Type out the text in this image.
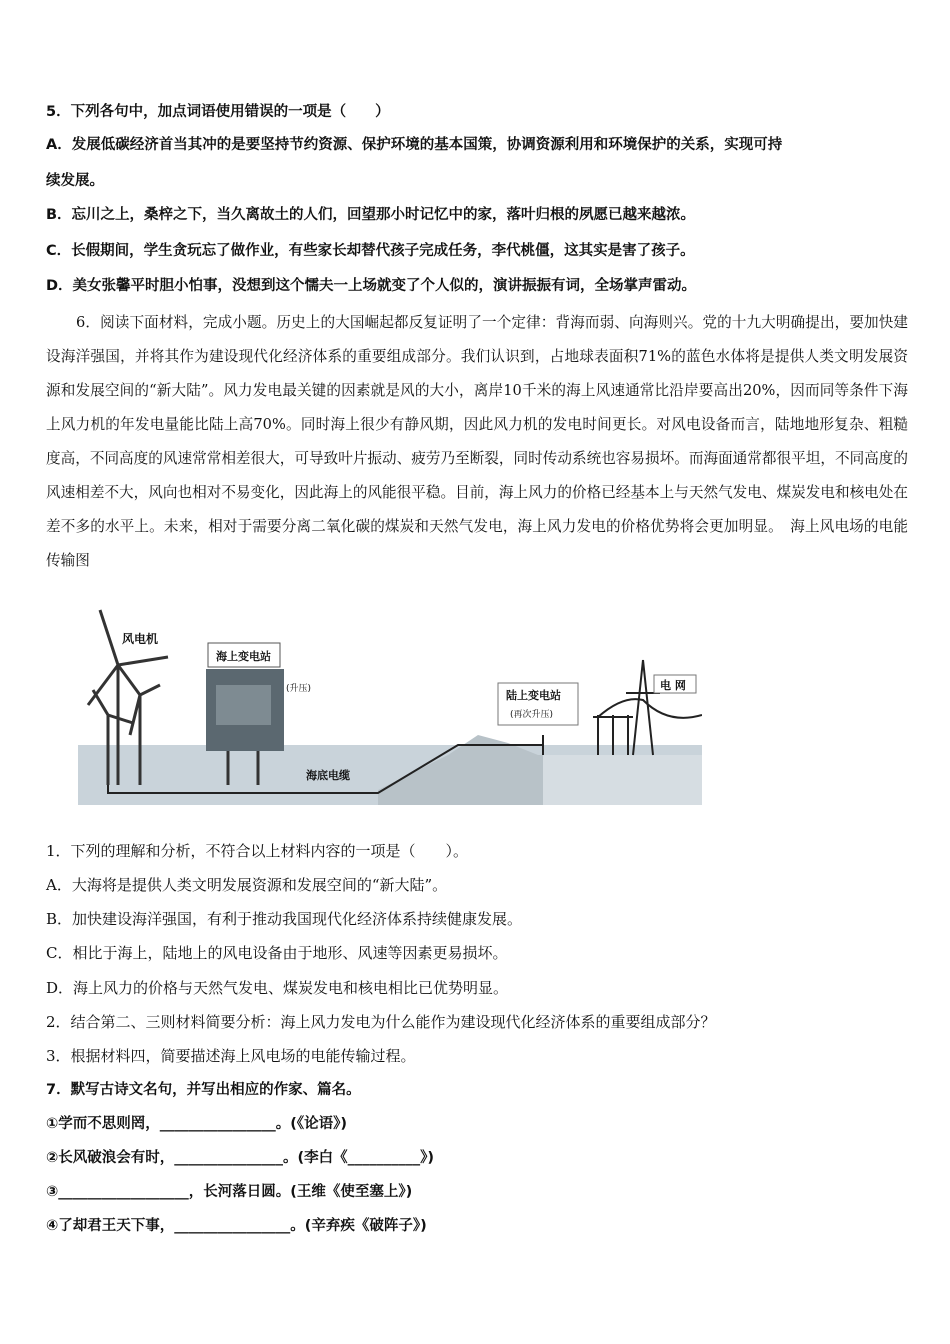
5．下列各句中，加点词语使用错误的一项是（　　）
A．发展低碳经济首当其冲的是要坚持节约资源、保护环境的基本国策，协调资源利用和环境保护的关系，实现可持
续发展。
B．忘川之上，桑梓之下，当久离故土的人们，回望那小时记忆中的家，落叶归根的夙愿已越来越浓。
C．长假期间，学生贪玩忘了做作业，有些家长却替代孩子完成任务，李代桃僵，这其实是害了孩子。
D．美女张馨平时胆小怕事，没想到这个懦夫一上场就变了个人似的，演讲振振有词，全场掌声雷动。
6．阅读下面材料，完成小题。历史上的大国崛起都反复证明了一个定律：背海而弱、向海则兴。党的十九大明确提出，要加快建设海洋强国，并将其作为建设现代化经济体系的重要组成部分。我们认识到，占地球表面积71%的蓝色水体将是提供人类文明发展资源和发展空间的“新大陆”。风力发电最关键的因素就是风的大小，离岸10千米的海上风速通常比沿岸要高出20%，因而同等条件下海上风力机的年发电量能比陆上高70%。同时海上很少有静风期，因此风力机的发电时间更长。对风电设备而言，陆地地形复杂、粗糙度高，不同高度的风速常常相差很大，可导致叶片振动、疲劳乃至断裂，同时传动系统也容易损坏。而海面通常都很平坦，不同高度的风速相差不大，风向也相对不易变化，因此海上的风能很平稳。目前，海上风力的价格已经基本上与天然气发电、煤炭发电和核电处在差不多的水平上。未来，相对于需要分离二氧化碳的煤炭和天然气发电，海上风力发电的价格优势将会更加明显。　海上风电场的电能传输图
风电机
海上变电站
(升压)
海底电缆
陆上变电站
(再次升压)
电 网
1．下列的理解和分析，不符合以上材料内容的一项是（　　）。
A．大海将是提供人类文明发展资源和发展空间的“新大陆”。
B．加快建设海洋强国，有利于推动我国现代化经济体系持续健康发展。
C．相比于海上，陆地上的风电设备由于地形、风速等因素更易损坏。
D．海上风力的价格与天然气发电、煤炭发电和核电相比已优势明显。
2．结合第二、三则材料简要分析：海上风力发电为什么能作为建设现代化经济体系的重要组成部分？
3．根据材料四，简要描述海上风电场的电能传输过程。
7．默写古诗文名句，并写出相应的作家、篇名。
①学而不思则罔，________________。(《论语》)
②长风破浪会有时，_______________。(李白《__________》)
③__________________，长河落日圆。(王维《使至塞上》)
④了却君王天下事，________________。(辛弃疾《破阵子》)
